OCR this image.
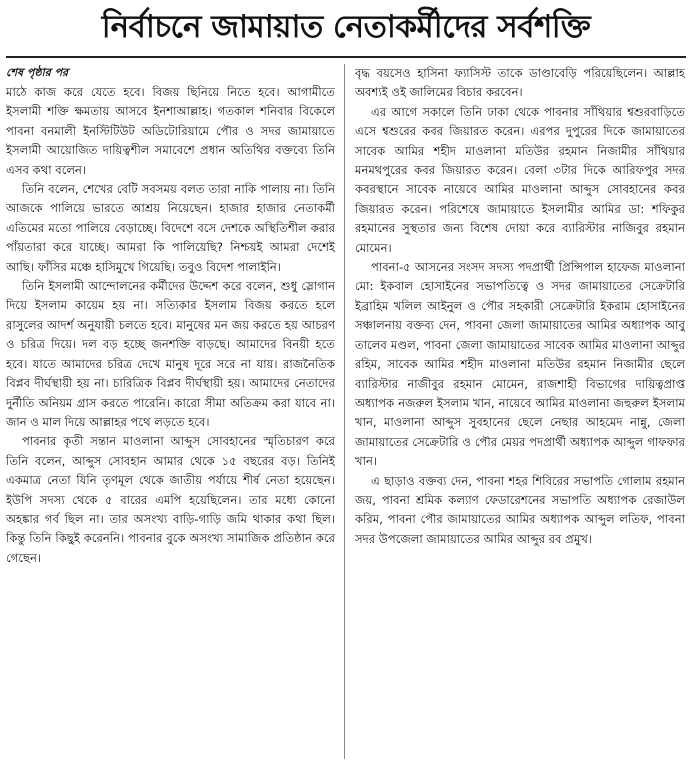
নির্বাচনে জামায়াত নেতাকর্মীদের সর্বশক্তি
শেষ পৃষ্ঠার পর

মাঠে কাজ করে যেতে হবে। বিজয় ছিনিয়ে নিতে হবে। আগামীতে ইসলামী শক্তি ক্ষমতায় আসবে ইনশাআল্লাহ। গতকাল শনিবার বিকেলে পাবনা বনমালী ইনস্টিটিউট অডিটোরিয়ামে পৌর ও সদর জামায়াতে ইসলামী আয়োজিত দায়িত্বশীল সমাবেশে প্রধান অতিথির বক্তব্যে তিনি এসব কথা বলেন।

তিনি বলেন, শেখের বেটি সবসময় বলত তারা নাকি পালায় না। তিনি আজকে পালিয়ে ভারতে আশ্রয় নিয়েছেন। হাজার হাজার নেতাকর্মী এতিমের মতো পালিয়ে বেড়াচ্ছে। বিদেশে বসে দেশকে অস্থিতিশীল করার পাঁয়তারা করে যাচ্ছে। আমরা কি পালিয়েছি? নিশ্চয়ই আমরা দেশেই আছি। ফাঁসির মঞ্চে হাসিমুখে গিয়েছি। তবুও বিদেশ পালাইনি।

তিনি ইসলামী আন্দোলনের কর্মীদের উদ্দেশ করে বলেন, শুধু স্লোগান দিয়ে ইসলাম কায়েম হয় না। সত্যিকার ইসলাম বিজয় করতে হলে রাসুলের আদর্শ অনুযায়ী চলতে হবে। মানুষের মন জয় করতে হয় আচরণ ও চরিত্র দিয়ে। দল বড় হচ্ছে জনশক্তি বাড়ছে। আমাদের বিনয়ী হতে হবে। যাতে আমাদের চরিত্র দেখে মানুষ দূরে সরে না যায়। রাজনৈতিক বিপ্লব দীর্ঘস্থায়ী হয় না। চারিত্রিক বিপ্লব দীর্ঘস্থায়ী হয়। আমাদের নেতাদের দুর্নীতি অনিয়ম গ্রাস করতে পারেনি। কারো সীমা অতিক্রম করা যাবে না। জান ও মাল দিয়ে আল্লাহর পথে লড়তে হবে।

পাবনার কৃতী সন্তান মাওলানা আব্দুস সোবহানের স্মৃতিচারণ করে তিনি বলেন, আব্দুস সোবহান আমার থেকে ১৫ বছরের বড়। তিনিই একমাত্র নেতা যিনি তৃণমূল থেকে জাতীয় পর্যায়ে শীর্ষ নেতা হয়েছেন। ইউপি সদস্য থেকে ৫ বারের এমপি হয়েছিলেন। তার মধ্যে কোনো অহঙ্কার গর্ব ছিল না। তার অসংখ্য বাড়ি-গাড়ি জমি থাকার কথা ছিল। কিন্তু তিনি কিছুই করেননি। পাবনার বুকে অসংখ্য সামাজিক প্রতিষ্ঠান করে গেছেন।

বৃদ্ধ বয়সেও হাসিনা ফ্যাসিস্ট তাকে ডাণ্ডাবেড়ি পরিয়েছিলেন। আল্লাহ অবশ্যই ওই জালিমের বিচার করবেন।

এর আগে সকালে তিনি ঢাকা থেকে পাবনার সাঁথিয়ার শ্বশুরবাড়িতে এসে শ্বশুরের কবর জিয়ারত করেন। এরপর দুপুরের দিকে জামায়াতের সাবেক আমির শহীদ মাওলানা মতিউর রহমান নিজামীর সাঁথিয়ার মনমথপুরের কবর জিয়ারত করেন। বেলা ৩টার দিকে আরিফপুর সদর কবরস্থানে সাবেক নায়েবে আমির মাওলানা আব্দুস সোবহানের কবর জিয়ারত করেন। পরিশেষে জামায়াতে ইসলামীর আমির ডা: শফিকুর রহমানের সুস্থতার জন্য বিশেষ দোয়া করে ব্যারিস্টার নাজিবুর রহমান মোমেন।

পাবনা-৫ আসনের সংসদ সদস্য পদপ্রার্থী প্রিন্সিপাল হাফেজ মাওলানা মো: ইকবাল হোসাইনের সভাপতিত্বে ও সদর জামায়াতের সেক্রেটারি ইব্রাহিম খলিল আইনুল ও পৌর সহকারী সেক্রেটারি ইকরাম হোসাইনের সঞ্চালনায় বক্তব্য দেন, পাবনা জেলা জামায়াতের আমির অধ্যাপক আবু তালেব মণ্ডল, পাবনা জেলা জামায়াতের সাবেক আমির মাওলানা আব্দুর রহিম, সাবেক আমির শহীদ মাওলানা মতিউর রহমান নিজামীর ছেলে ব্যারিস্টার নাজীবুর রহমান মোমেন, রাজশাহী বিভাগের দায়িত্বপ্রাপ্ত অধ্যাপক নজরুল ইসলাম খান, নায়েবে আমির মাওলানা জহুরুল ইসলাম খান, মাওলানা আব্দুস সুবহানের ছেলে নেছার আহমেদ নান্নু, জেলা জামায়াতের সেক্রেটারি ও পৌর মেয়র পদপ্রার্থী অধ্যাপক আব্দুল গাফফার খান।

এ ছাড়াও বক্তব্য দেন, পাবনা শহর শিবিরের সভাপতি গোলাম রহমান জয়, পাবনা শ্রমিক কল্যাণ ফেডারেশনের সভাপতি অধ্যাপক রেজাউল করিম, পাবনা পৌর জামায়াতের আমির অধ্যাপক আব্দুল লতিফ, পাবনা সদর উপজেলা জামায়াতের আমির আব্দুর রব প্রমুখ।
